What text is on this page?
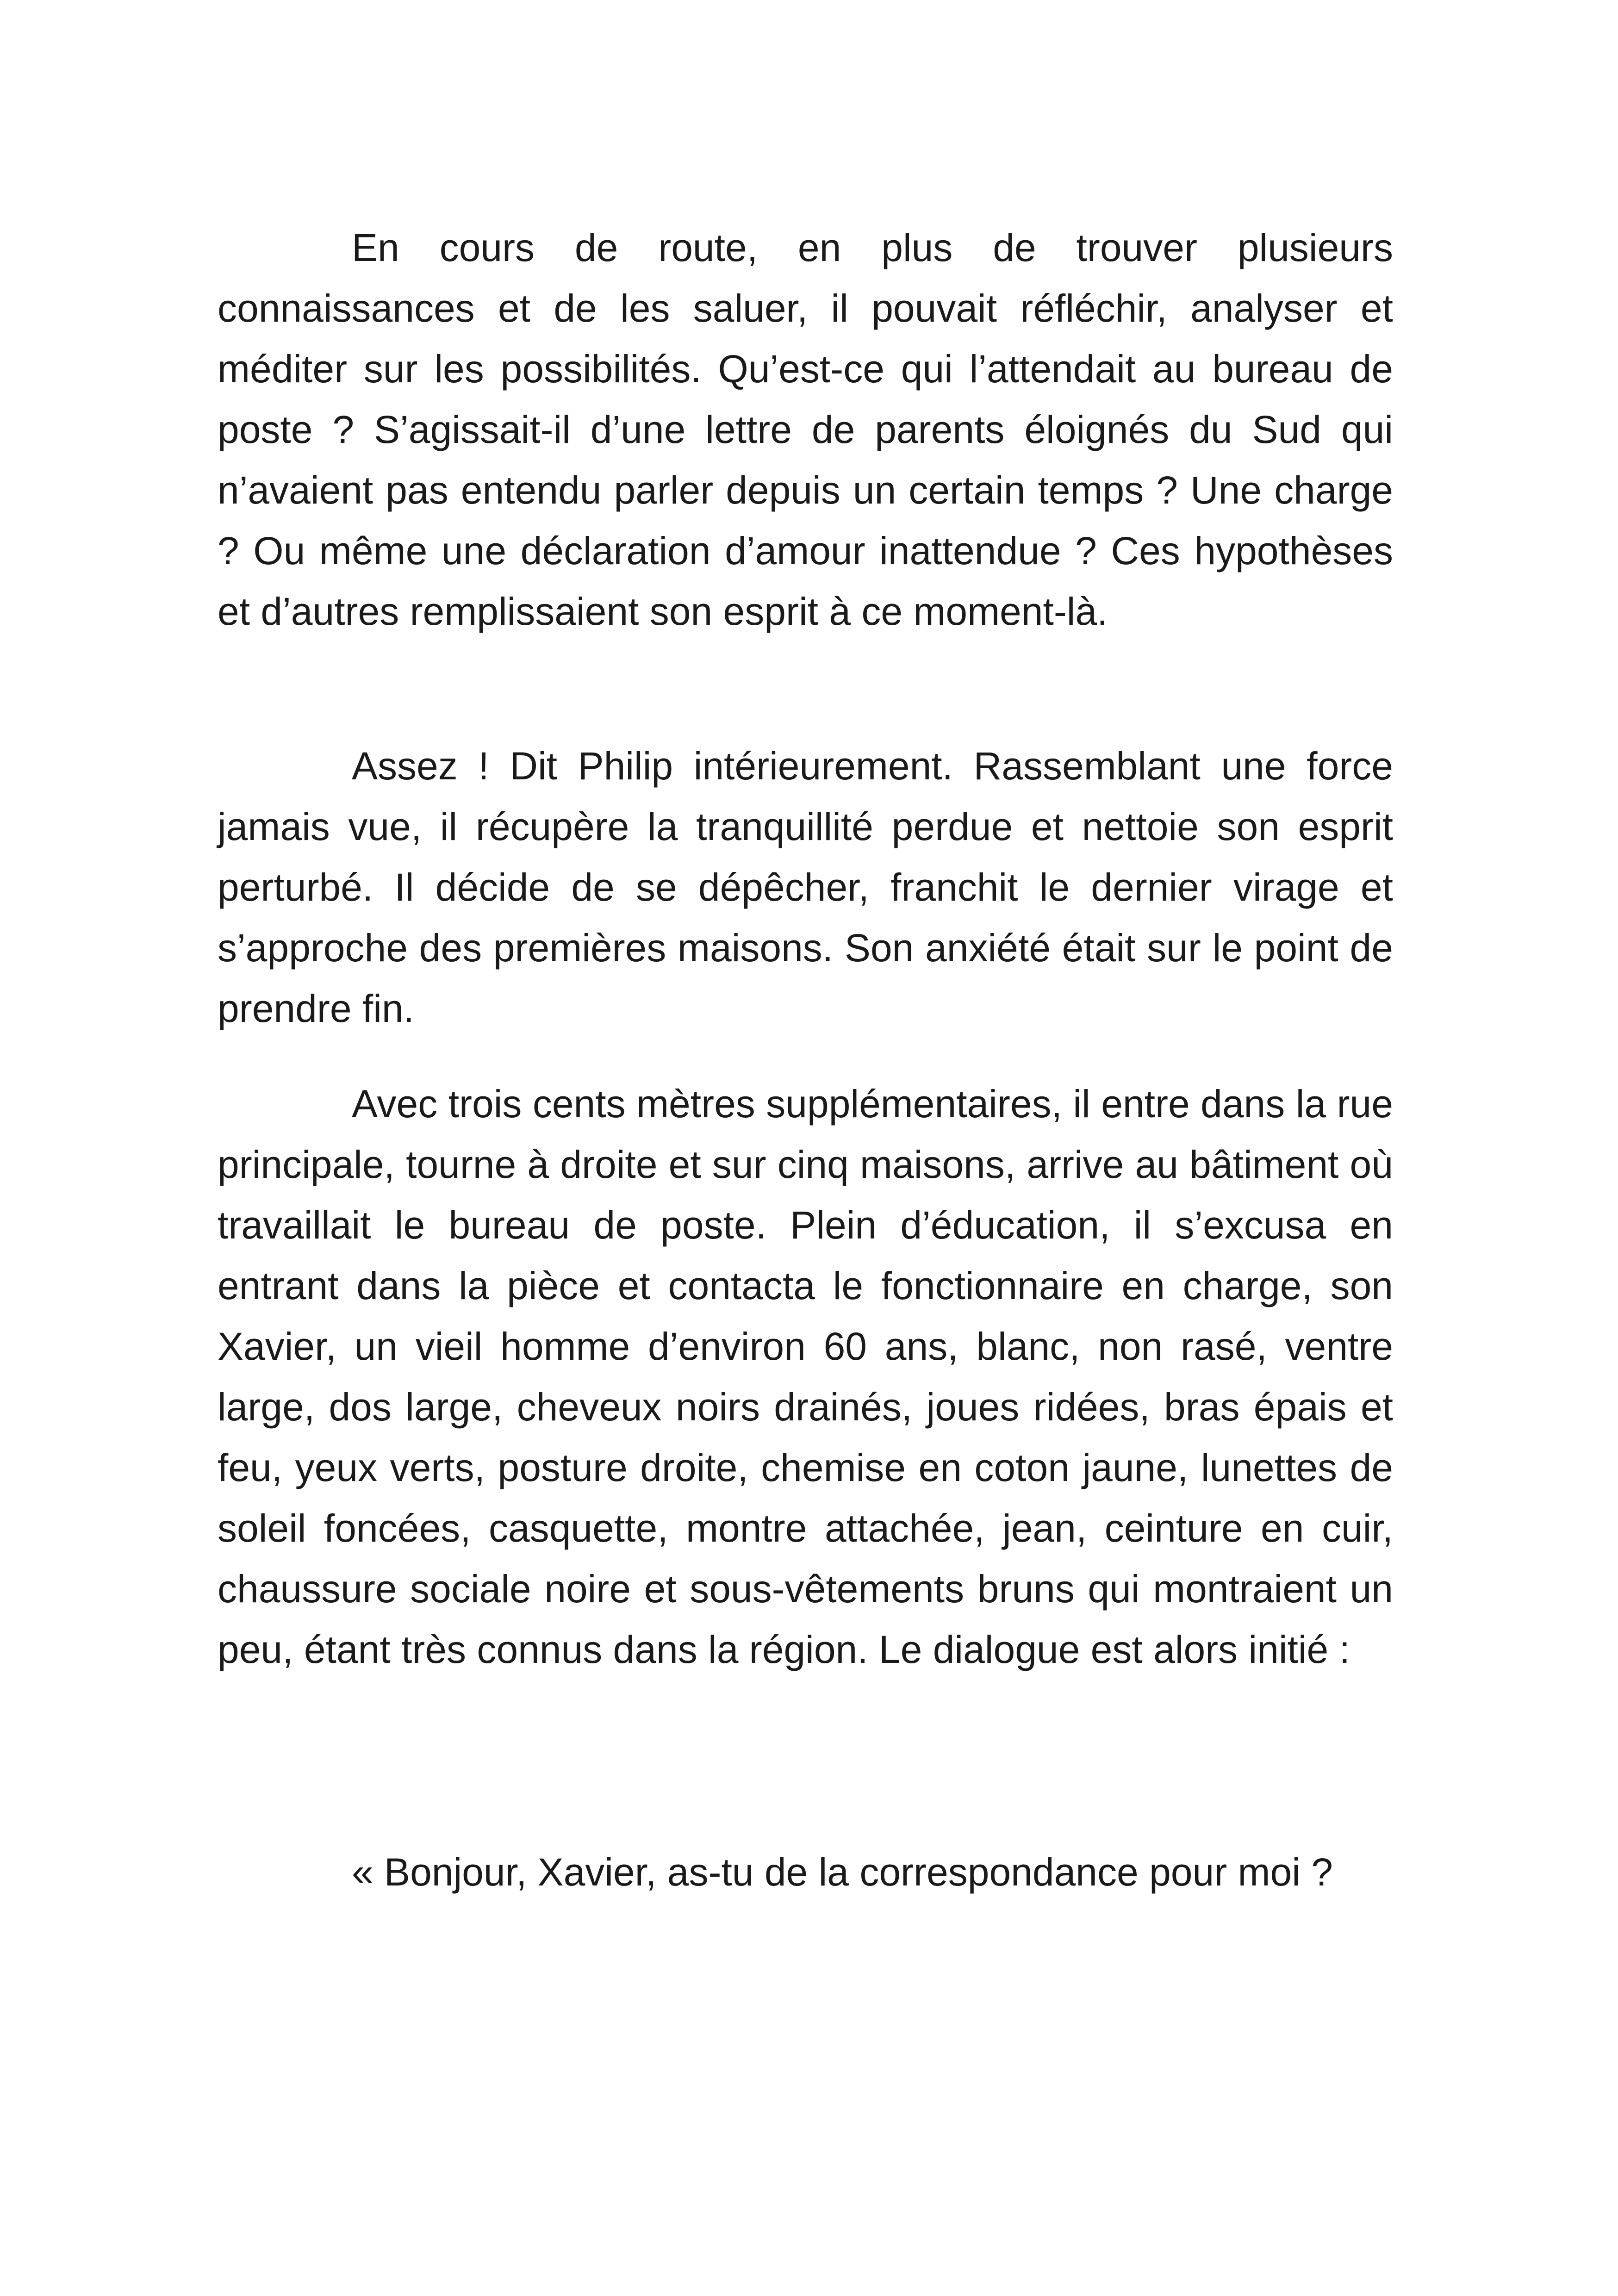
En cours de route, en plus de trouver plusieurs connaissances et de les saluer, il pouvait réfléchir, analyser et méditer sur les possibilités. Qu’est-ce qui l’attendait au bureau de poste ? S’agissait-il d’une lettre de parents éloignés du Sud qui n’avaient pas entendu parler depuis un certain temps ? Une charge ? Ou même une déclaration d’amour inattendue ? Ces hypothèses et d’autres remplissaient son esprit à ce moment-là.

Assez ! Dit Philip intérieurement. Rassemblant une force jamais vue, il récupère la tranquillité perdue et nettoie son esprit perturbé. Il décide de se dépêcher, franchit le dernier virage et s’approche des premières maisons. Son anxiété était sur le point de prendre fin.

Avec trois cents mètres supplémentaires, il entre dans la rue principale, tourne à droite et sur cinq maisons, arrive au bâtiment où travaillait le bureau de poste. Plein d’éducation, il s’excusa en entrant dans la pièce et contacta le fonctionnaire en charge, son Xavier, un vieil homme d’environ 60 ans, blanc, non rasé, ventre large, dos large, cheveux noirs drainés, joues ridées, bras épais et feu, yeux verts, posture droite, chemise en coton jaune, lunettes de soleil foncées, casquette, montre attachée, jean, ceinture en cuir, chaussure sociale noire et sous-vêtements bruns qui montraient un peu, étant très connus dans la région. Le dialogue est alors initié :

« Bonjour, Xavier, as-tu de la correspondance pour moi ?
